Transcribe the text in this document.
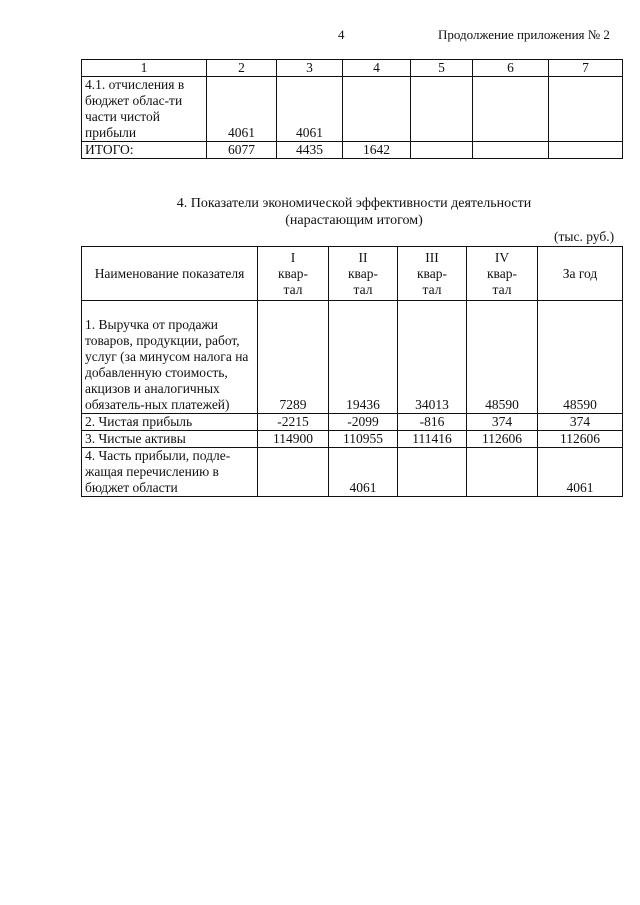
4	Продолжение приложения № 2
1	2	3	4	5	6	7
4.1. отчисления в бюджет облас-ти части чистой прибыли	4061	4061				
ИТОГО:	6077	4435	1642			
4. Показатели экономической эффективности деятельности
(нарастающим итогом)
(тыс. руб.)
Наименование показателя	I
квар-
тал	II
квар-
тал	III
квар-
тал	IV
квар-
тал	За год
1. Выручка от продажи товаров, продукции, работ, услуг (за минусом налога на добавленную стоимость, акцизов и аналогичных обязатель-ных платежей)	7289	19436	34013	48590	48590
2. Чистая прибыль	-2215	-2099	-816	374	374
3. Чистые активы	114900	110955	111416	112606	112606
4. Часть прибыли, подле-жащая перечислению в бюджет области		4061			4061
